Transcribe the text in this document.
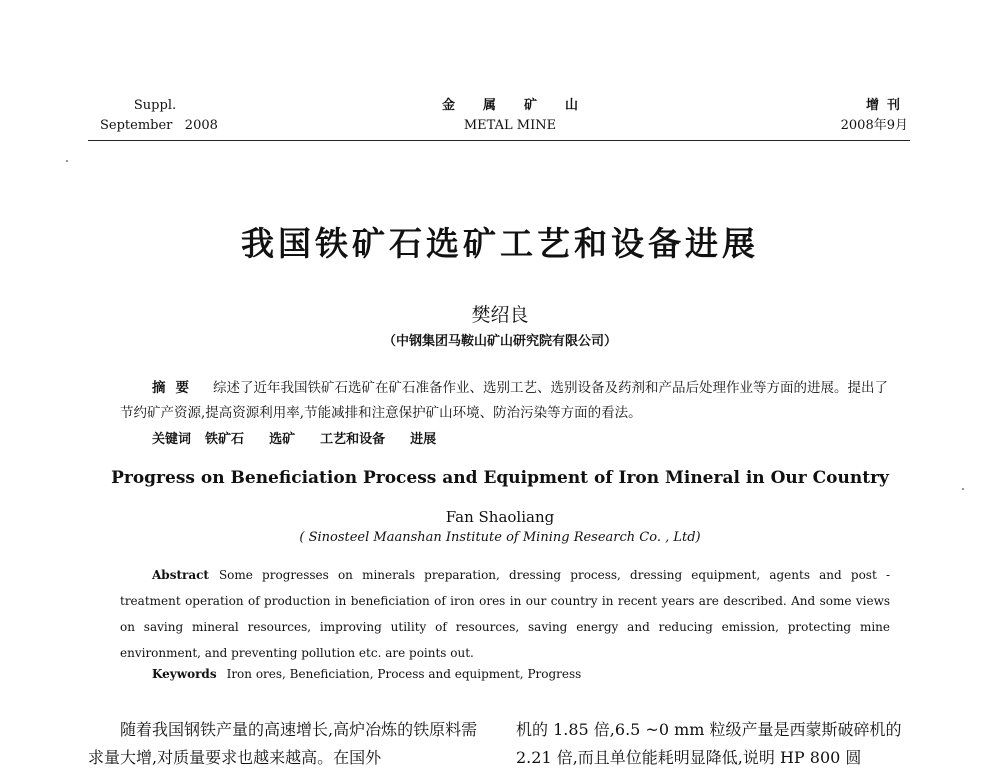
Suppl.
September   2008
金属矿山
METAL MINE
增刊
2008年9月
我国铁矿石选矿工艺和设备进展
樊绍良
（中钢集团马鞍山矿山研究院有限公司）
摘要 综述了近年我国铁矿石选矿在矿石准备作业、选别工艺、选别设备及药剂和产品后处理作业等方面的进展。提出了节约矿产资源,提高资源利用率,节能减排和注意保护矿山环境、防治污染等方面的看法。
关键词 铁矿石  选矿  工艺和设备  进展
Progress on Beneficiation Process and Equipment of Iron Mineral in Our Country
Fan Shaoliang
( Sinosteel Maanshan Institute of Mining Research Co. , Ltd)

Abstract Some progresses on minerals preparation, dressing process, dressing equipment, agents and post - treatment operation of production in beneficiation of iron ores in our country in recent years are described. And some views on saving mineral resources, improving utility of resources, saving energy and reducing emission, protecting mine environment, and preventing pollution etc. are points out.

Keywords Iron ores, Beneficiation, Process and equipment, Progress

随着我国钢铁产量的高速增长,高炉冶炼的铁原料需求量大增,对质量要求也越来越高。在国外

机的 1.85 倍,6.5 ~0 mm 粒级产量是西蒙斯破碎机的 2.21 倍,而且单位能耗明显降低,说明 HP 800 圆
